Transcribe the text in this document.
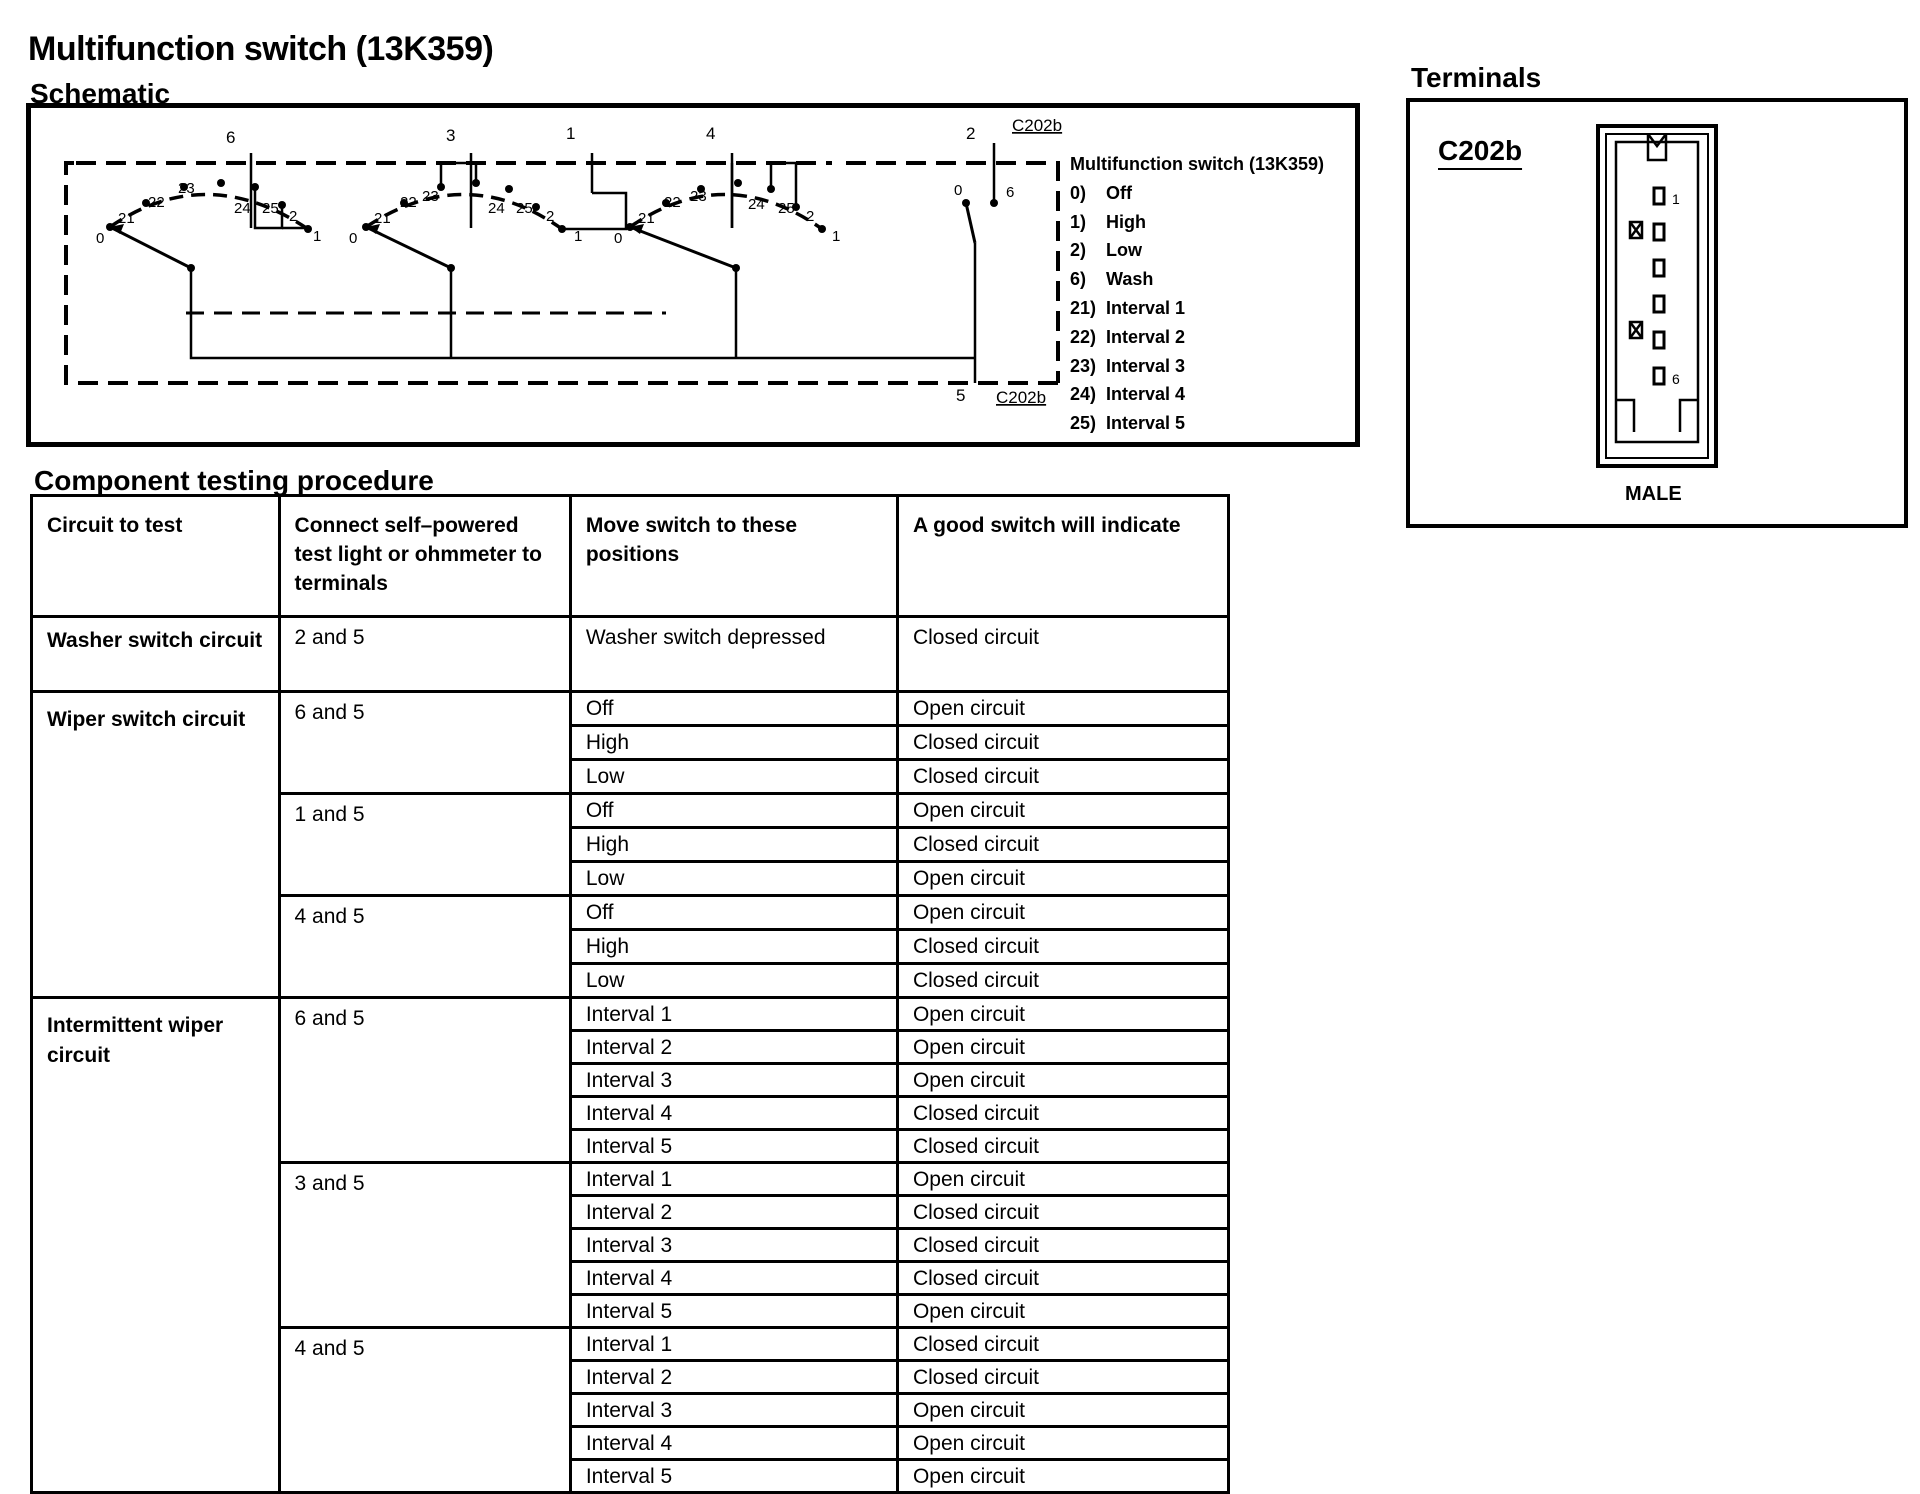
Multifunction switch (13K359)
Schematic
Terminals
Component testing procedure
6	3	1	4	2
5
C202b
C202b
0
21
22
23
24 25 2
1 0
21
22 23
24 25 2
1 0
21
22 23	24 25 2
1
0	6
Multifunction switch (13K359)
0) Off
1) High
2) Low
6) Wash
21) Interval 1
22) Interval 2
23) Interval 3
24) Interval 4
25) Interval 5
C202b
1
6
MALE
Circuit to test	Connect self–powered test light or ohmmeter to terminals	Move switch to these positions	A good switch will indicate
Washer switch circuit	2 and 5	Washer switch depressed	Closed circuit
Wiper switch circuit	6 and 5	Off	Open circuit
		High	Closed circuit
		Low	Closed circuit
	1 and 5	Off	Open circuit
		High	Closed circuit
		Low	Open circuit
	4 and 5	Off	Open circuit
		High	Closed circuit
		Low	Closed circuit
Intermittent wiper circuit	6 and 5	Interval 1	Open circuit
		Interval 2	Open circuit
		Interval 3	Open circuit
		Interval 4	Closed circuit
		Interval 5	Closed circuit
	3 and 5	Interval 1	Open circuit
		Interval 2	Closed circuit
		Interval 3	Closed circuit
		Interval 4	Closed circuit
		Interval 5	Open circuit
	4 and 5	Interval 1	Closed circuit
		Interval 2	Closed circuit
		Interval 3	Open circuit
		Interval 4	Open circuit
		Interval 5	Open circuit
